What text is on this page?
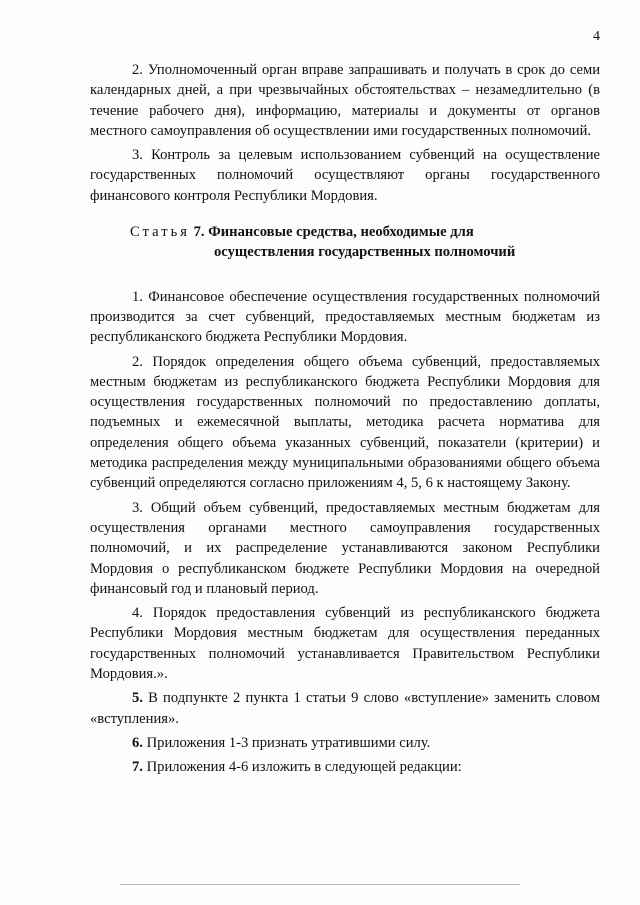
4

2. Уполномоченный орган вправе запрашивать и получать в срок до семи календарных дней, а при чрезвычайных обстоятельствах – незамедлительно (в течение рабочего дня), информацию, материалы и документы от органов местного самоуправления об осуществлении ими государственных полномочий.

3. Контроль за целевым использованием субвенций на осуществление государственных полномочий осуществляют органы государственного финансового контроля Республики Мордовия.

Статья 7. Финансовые средства, необходимые для
осуществления государственных полномочий

1. Финансовое обеспечение осуществления государственных полномочий производится за счет субвенций, предоставляемых местным бюджетам из республиканского бюджета Республики Мордовия.

2. Порядок определения общего объема субвенций, предоставляемых местным бюджетам из республиканского бюджета Республики Мордовия для осуществления государственных полномочий по предоставлению доплаты, подъемных и ежемесячной выплаты, методика расчета норматива для определения общего объема указанных субвенций, показатели (критерии) и методика распределения между муниципальными образованиями общего объема субвенций определяются согласно приложениям 4, 5, 6 к настоящему Закону.

3. Общий объем субвенций, предоставляемых местным бюджетам для осуществления органами местного самоуправления государственных полномочий, и их распределение устанавливаются законом Республики Мордовия о республиканском бюджете Республики Мордовия на очередной финансовый год и плановый период.

4. Порядок предоставления субвенций из республиканского бюджета Республики Мордовия местным бюджетам для осуществления переданных государственных полномочий устанавливается Правительством Республики Мордовия.».

5. В подпункте 2 пункта 1 статьи 9 слово «вступление» заменить словом «вступления».

6. Приложения 1-3 признать утратившими силу.

7. Приложения 4-6 изложить в следующей редакции:
